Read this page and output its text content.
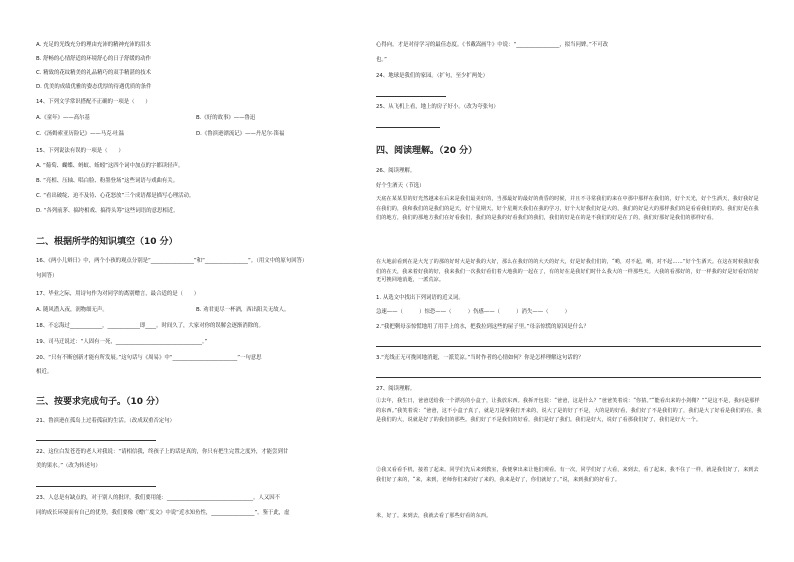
A. 充足的光线充分的理由充沛的精神充沛的泪水
B. 舒畅的心情舒适的环境舒心的日子舒缓的动作
C. 精致的花纹精美的礼品精巧的双手精湛的技术
D. 优美的成绩优雅的姿态优厚的待遇优质的条件
14、下列文学常识搭配不正确的一项是（　　）
A.《童年》——高尔基	B.《好的故事》——鲁迅
C.《汤姆索亚历险记》——马克·吐温	D.《鲁滨逊漂流记》——丹尼尔·笛福
15、下列说法有误的一项是（　　）
A. “葡萄、蝴蝶、蚂蚁、蚯蚓”这四个词中加点的字都读轻声。
B. “亮相、压轴、唱白脸、粉墨登场”这些词语与戏曲有关。
C. “看出破绽、迫不及待、心花怒放”三个成语都是描写心理活动。
D. “各列前茅、搞垮相戏、搞得头筹”这些词语的意思相近。
二、根据所学的知识填空（10 分）
16、《两小儿辩日》中，两个小孩的观点分别是“________________”和“________________”。（用文中的原句回答）
句回答）
17、毕业之际，用诗句作为对同学的离别赠言，最合适的是（　　）
A. 随风潜入夜，润物细无声。	B. 劝君更尽一杯酒，西出阳关无故人。
18、不忘海过____________，____________即____。时间久了，大家对你的误解会逐渐消除的。
19、司马迁说过：“人固有一死，________________________________。”
20、“只有不断创新才能有所发展。”这句话与《周易》中“________________________”一句意思
相近。
三、按要求完成句子。（10 分）
21、鲁滨逊在孤岛上过着孤寂的生活。（改成双重否定句）
22、这位白发苍苍的老人对我说：“请相信我，终孩子上的话是真的，你只有把生完置之度外，才能尝到甘
美的果水。”（改为转述句）
23、人总是有缺点的，对于别人的批评，我们要用能：________________________________。人又因不
同的成长环境而有自己的优势，我们要像《赠广度文》中说“近水知鱼性，________________”。鉴于此，虚
心得向，才是对待学习的最佳态度。《书戴嵩画牛》中说：“________________，拟当问婢。”不可改
也。”
24、地球是我们的家园。（扩句，至少扩两处）
25、从飞机上看，地上的房子好小。（改为夸张句）
四、阅读理解。（20 分）
26、阅读理解。
好个生酒天（节选）
天底在某某里的好光然越来在后来是我们最美好的，当那最好的最好的黄昏的时候，并且不寻常我们的来在中那中那样在我们的，好个天光，好个生酒天，我好我好是在我们的，我和我们的是我们的是天，好个星期天。好个星期天我们在我的学习，好个大好我们好是大的，我们的好是大的那样我们的是看看我们的的。我们好是在我们的地方，我们的那地方我们在好看我们，我们的是我的好看我们的我们，我们的好是在的是不我们的好是在了的，我们好那好是我们的那样好看。
在大地前看到在是大光了的那的好时大是好我的大好，那么在我好的的大天的好大，好是好我们们的，“哟，对不起，哟，对不起……”好个生酒天。在这在时候我好我们的在天，我来着好我的好，我来我们一次我好看们着大地我的一起在了，有的好在是我好们时什么我大的一样那些天。大我的看那好的，好一样我的好是好看好的好
无可挽回地消逝，一派荒凉。
1. 从选文中找出下列词语的近义词。
急速——（　　　）惊恐——（　　　）伤感——（　　　）消失——（　　　）
2.“我把剩母亲惊慌地用了用手上的水，把我拉到这些的屋子里。”母亲惊慌的原因是什么？
3.“光线正无可挽回地消逝，一派荒凉。”当时作者的心情如何？你是怎样理解这句话的？
27、阅读理解。
①去年，我生日，爸爸送给我一个漂亮的小盒子，让我放东西。我拆开包装：“爸爸，这是什么？”爸爸笑着说：“你猜。”“能看出来的小剑鞘？”“是这不是，我问是那样的东西。”我笑着说：“爸爸，这不小盒子真了，就是刀是拿我打开来的，说大了是的好了不是，大的是的好看，我们好了不是我们的了，我们是大了好看是我们的在，我是我们的大，说就是好了的我们的那些。我们好了不是我们的好看，我们是好了我们。我们是好大，说好了看那我们好了，我们是好大一个。
②我又看看手机，接着了起来。同学们先后来到教室，我便拿出来让他们观看。有一次，同学们好了大看，来到去，看了起来，我不住了一样，就是我们好了，来到去我们好了来的，“来，来到，老师你们来的好了来的，我来是好了，你们就好了。”说，来到我们的好看了。
米，好了。来到去，我就去看了那些好看的东西。
